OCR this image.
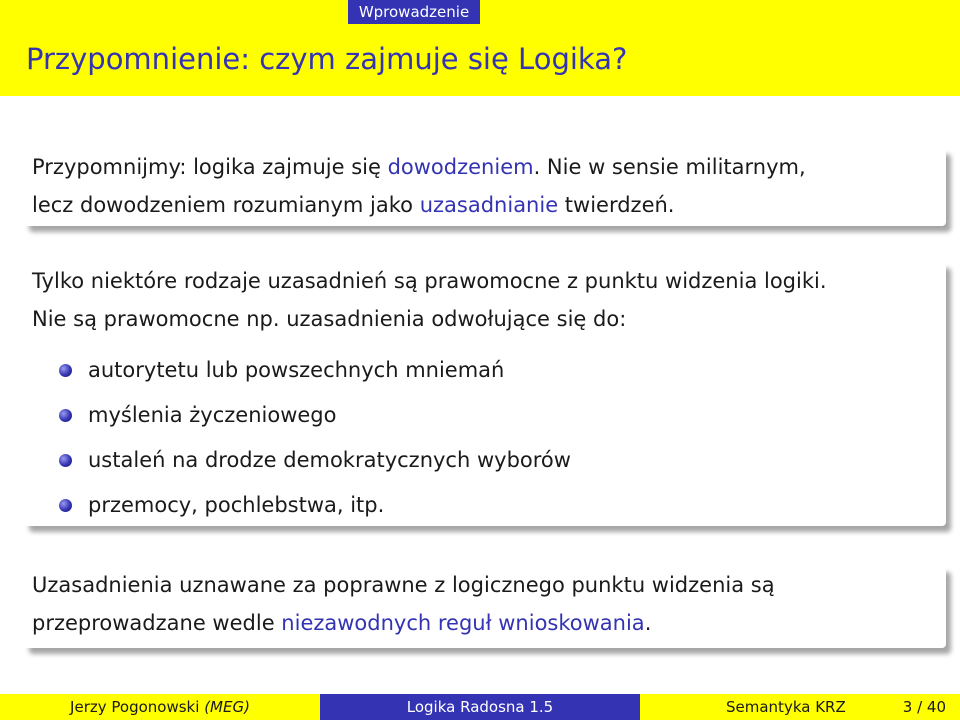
Wprowadzenie
Przypomnienie: czym zajmuje się Logika?

Przypomnijmy: logika zajmuje się dowodzeniem. Nie w sensie militarnym,

lecz dowodzeniem rozumianym jako uzasadnianie twierdzeń.

Tylko niektóre rodzaje uzasadnień są prawomocne z punktu widzenia logiki.

Nie są prawomocne np. uzasadnienia odwołujące się do:

autorytetu lub powszechnych mniemań
myślenia życzeniowego
ustaleń na drodze demokratycznych wyborów
przemocy, pochlebstwa, itp.

Uzasadnienia uznawane za poprawne z logicznego punktu widzenia są

przeprowadzane wedle niezawodnych reguł wnioskowania.

Jerzy Pogonowski (MEG)	Logika Radosna 1.5	Semantyka KRZ	3 / 40
